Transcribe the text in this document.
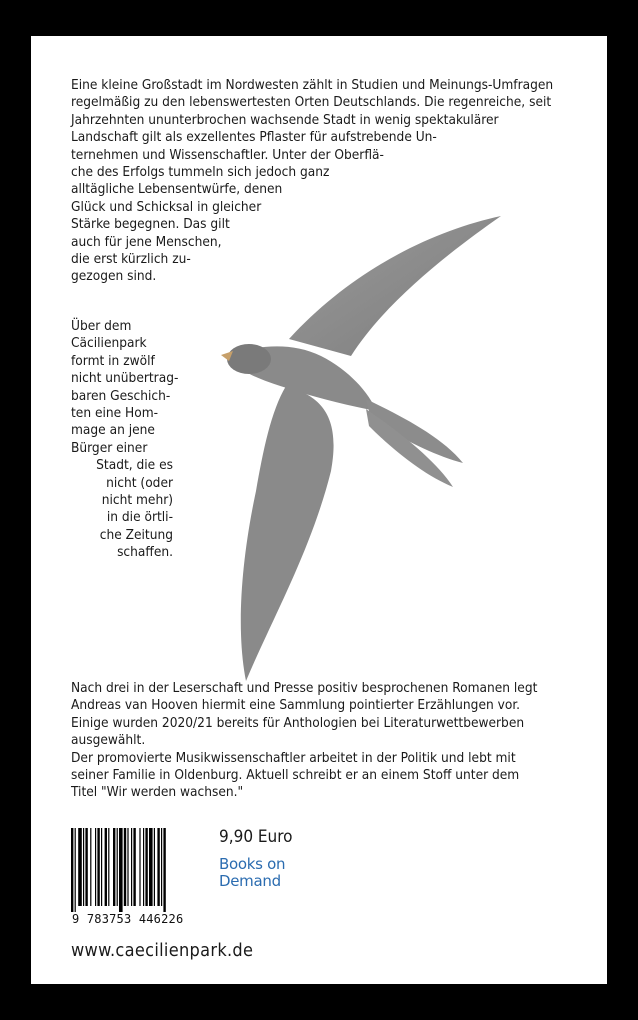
Eine kleine Großstadt im Nordwesten zählt in Studien und Meinungs-Umfragen
regelmäßig zu den lebenswertesten Orten Deutschlands. Die regenreiche, seit
Jahrzehnten ununterbrochen wachsende Stadt in wenig spektakulärer
Landschaft gilt als exzellentes Pflaster für aufstrebende Un-
ternehmen und Wissenschaftler. Unter der Oberflä-
che des Erfolgs tummeln sich jedoch ganz
alltägliche Lebensentwürfe, denen
Glück und Schicksal in gleicher
Stärke begegnen. Das gilt
auch für jene Menschen,
die erst kürzlich zu-
gezogen sind.
Über dem
Cäcilienpark
formt in zwölf
nicht unübertrag-
baren Geschich-
ten eine Hom-
mage an jene
Bürger einer
Stadt, die es
nicht (oder
nicht mehr)
in die örtli-
che Zeitung
schaffen.
Nach drei in der Leserschaft und Presse positiv besprochenen Romanen legt
Andreas van Hooven hiermit eine Sammlung pointierter Erzählungen vor.
Einige wurden 2020/21 bereits für Anthologien bei Literaturwettbewerben
ausgewählt.
Der promovierte Musikwissenschaftler arbeitet in der Politik und lebt mit
seiner Familie in Oldenburg. Aktuell schreibt er an einem Stoff unter dem
Titel "Wir werden wachsen."
9 783753 446226
9,90 Euro
Books on
Demand
www.caecilienpark.de
